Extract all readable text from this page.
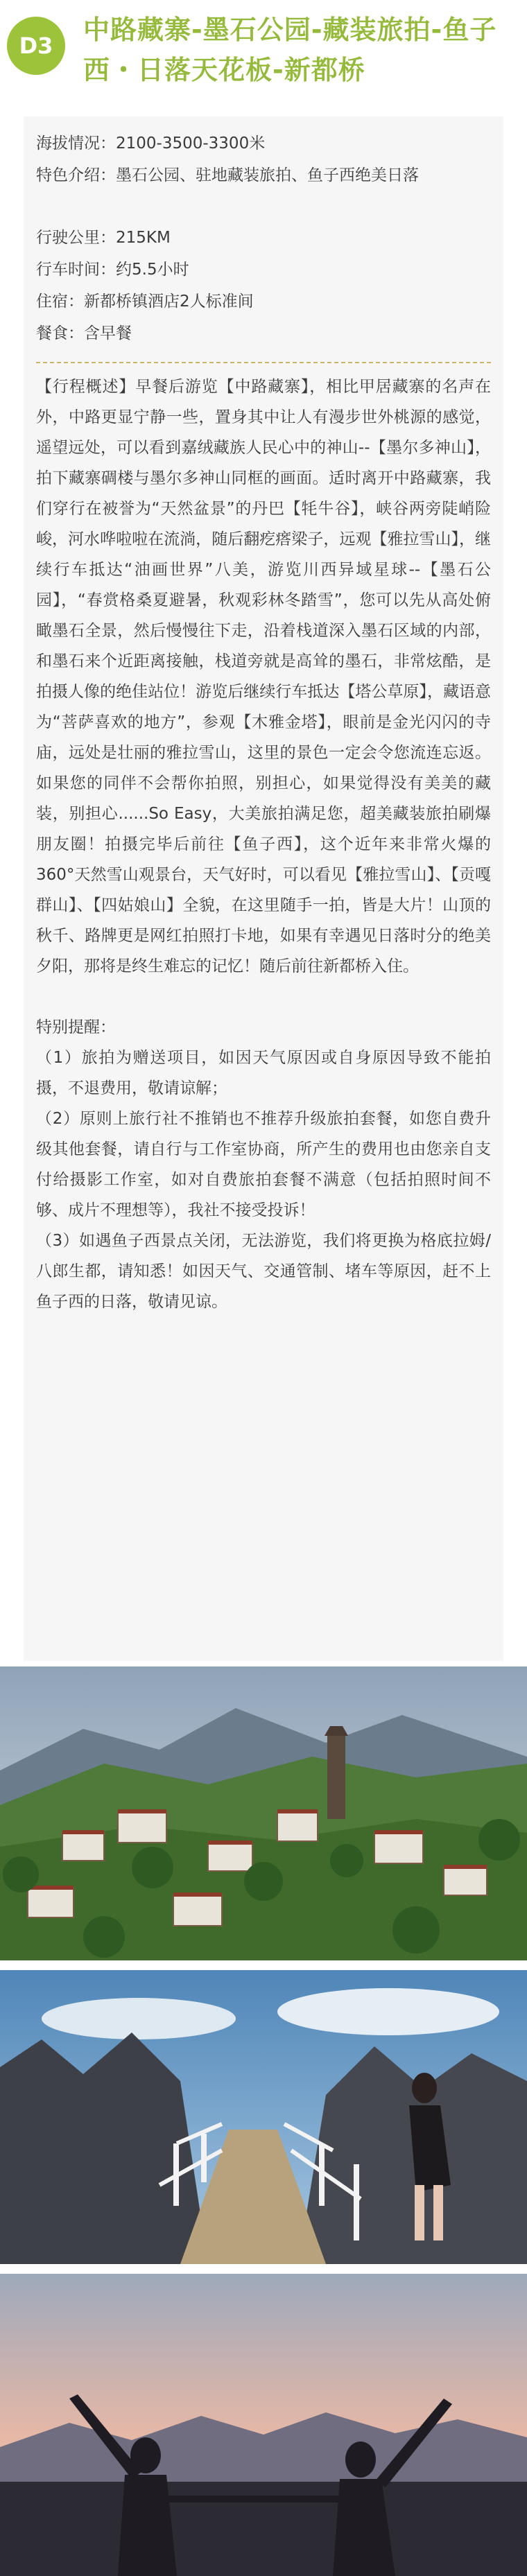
D3
中路藏寨-墨石公园-藏装旅拍-鱼子西・日落天花板-新都桥

海拔情况：2100-3500-3300米

特色介绍：墨石公园、驻地藏装旅拍、鱼子西绝美日落

行驶公里：215KM

行车时间：约5.5小时

住宿：新都桥镇酒店2人标准间

餐食：含早餐

【行程概述】早餐后游览【中路藏寨】，相比甲居藏寨的名声在外，中路更显宁静一些，置身其中让人有漫步世外桃源的感觉，遥望远处，可以看到嘉绒藏族人民心中的神山--【墨尔多神山】，拍下藏寨碉楼与墨尔多神山同框的画面。适时离开中路藏寨，我们穿行在被誉为“天然盆景”的丹巴【牦牛谷】，峡谷两旁陡峭险峻，河水哗啦啦在流淌，随后翻疙瘩梁子，远观【雅拉雪山】，继续行车抵达“油画世界”八美，游览川西异域星球--【墨石公园】，“春赏格桑夏避暑，秋观彩林冬踏雪”，您可以先从高处俯瞰墨石全景，然后慢慢往下走，沿着栈道深入墨石区域的内部，和墨石来个近距离接触，栈道旁就是高耸的墨石，非常炫酷，是拍摄人像的绝佳站位！游览后继续行车抵达【塔公草原】，藏语意为“菩萨喜欢的地方”，参观【木雅金塔】，眼前是金光闪闪的寺庙，远处是壮丽的雅拉雪山，这里的景色一定会令您流连忘返。如果您的同伴不会帮你拍照，别担心，如果觉得没有美美的藏装，别担心......So Easy，大美旅拍满足您，超美藏装旅拍刷爆朋友圈！拍摄完毕后前往【鱼子西】，这个近年来非常火爆的360°天然雪山观景台，天气好时，可以看见【雅拉雪山】、【贡嘎群山】、【四姑娘山】全貌，在这里随手一拍，皆是大片！山顶的秋千、路牌更是网红拍照打卡地，如果有幸遇见日落时分的绝美夕阳，那将是终生难忘的记忆！随后前往新都桥入住。

特别提醒：

（1）旅拍为赠送项目，如因天气原因或自身原因导致不能拍摄，不退费用，敬请谅解；

（2）原则上旅行社不推销也不推荐升级旅拍套餐，如您自费升级其他套餐，请自行与工作室协商，所产生的费用也由您亲自支付给摄影工作室，如对自费旅拍套餐不满意（包括拍照时间不够、成片不理想等），我社不接受投诉！

（3）如遇鱼子西景点关闭，无法游览，我们将更换为格底拉姆/八郎生都，请知悉！如因天气、交通管制、堵车等原因，赶不上鱼子西的日落，敬请见谅。
